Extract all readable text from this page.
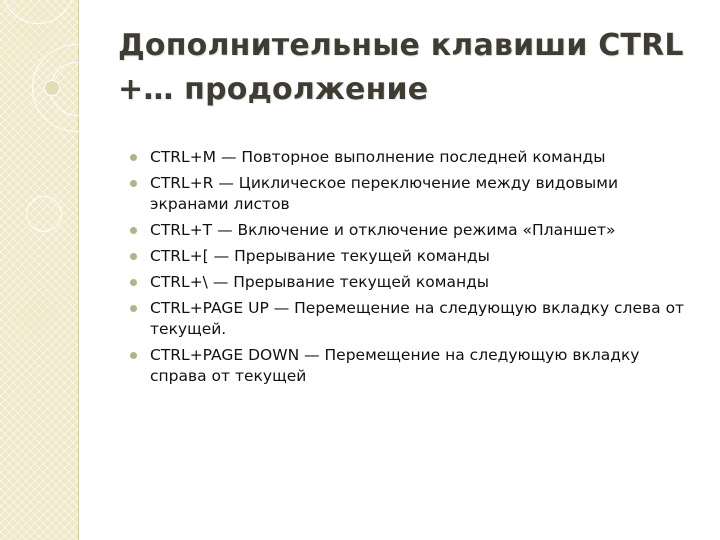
Дополнительные клавиши CTRL
+… продолжение
CTRL+M — Повторное выполнение последней команды
CTRL+R — Циклическое переключение между видовыми экранами листов
CTRL+T — Включение и отключение режима «Планшет»
CTRL+[ — Прерывание текущей команды
CTRL+\ — Прерывание текущей команды
CTRL+PAGE UP — Перемещение на следующую вкладку слева от текущей.
CTRL+PAGE DOWN — Перемещение на следующую вкладку справа от текущей
